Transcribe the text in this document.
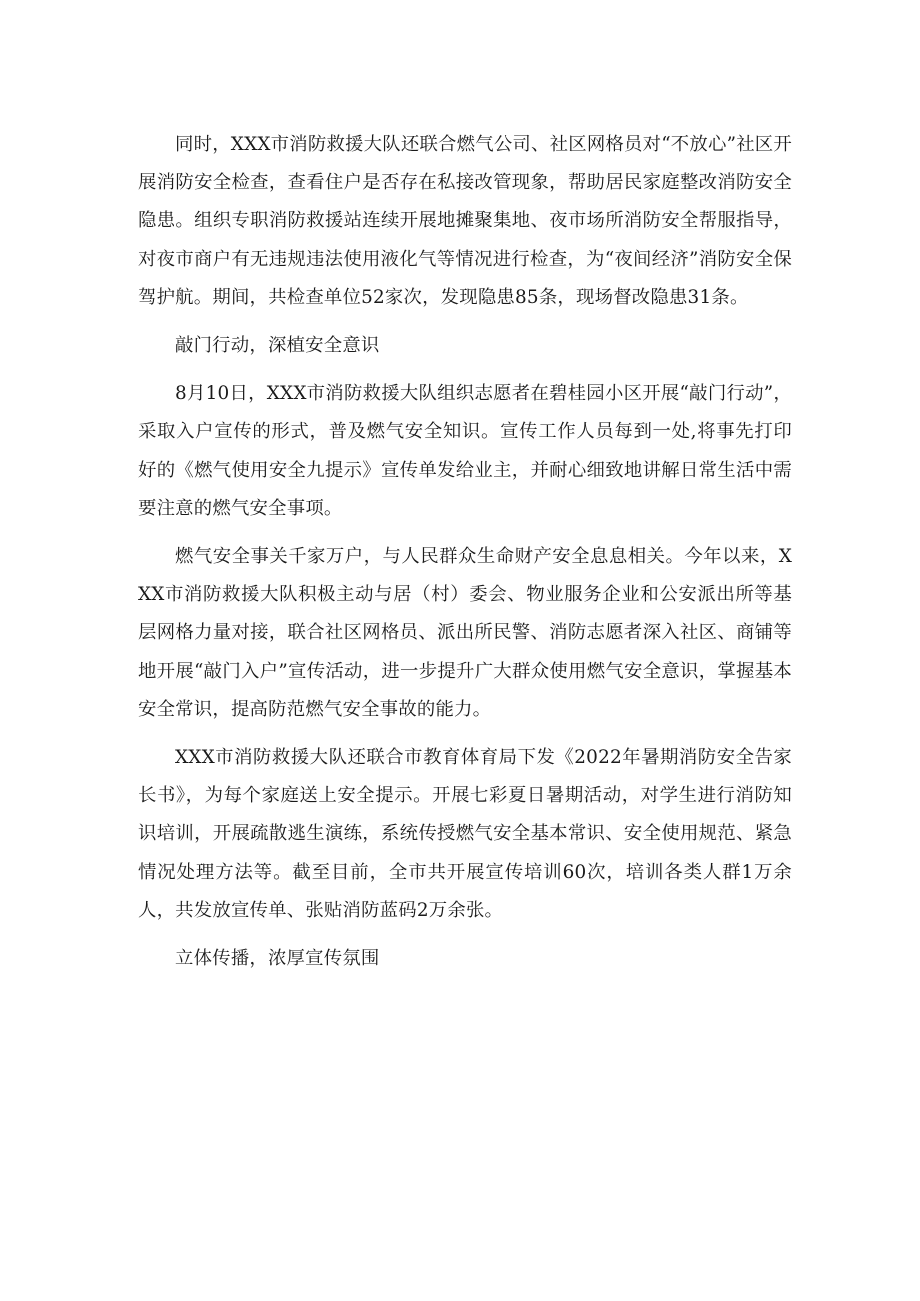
同时，XXX市消防救援大队还联合燃气公司、社区网格员对“不放心”社区开展消防安全检查，查看住户是否存在私接改管现象，帮助居民家庭整改消防安全隐患。组织专职消防救援站连续开展地摊聚集地、夜市场所消防安全帮服指导，对夜市商户有无违规违法使用液化气等情况进行检查，为“夜间经济”消防安全保驾护航。期间，共检查单位52家次，发现隐患85条，现场督改隐患31条。

敲门行动，深植安全意识

8月10日，XXX市消防救援大队组织志愿者在碧桂园小区开展“敲门行动”，采取入户宣传的形式，普及燃气安全知识。宣传工作人员每到一处,将事先打印好的《燃气使用安全九提示》宣传单发给业主，并耐心细致地讲解日常生活中需要注意的燃气安全事项。

燃气安全事关千家万户，与人民群众生命财产安全息息相关。今年以来，XXX市消防救援大队积极主动与居（村）委会、物业服务企业和公安派出所等基层网格力量对接，联合社区网格员、派出所民警、消防志愿者深入社区、商铺等地开展“敲门入户”宣传活动，进一步提升广大群众使用燃气安全意识，掌握基本安全常识，提高防范燃气安全事故的能力。

XXX市消防救援大队还联合市教育体育局下发《2022年暑期消防安全告家长书》，为每个家庭送上安全提示。开展七彩夏日暑期活动，对学生进行消防知识培训，开展疏散逃生演练，系统传授燃气安全基本常识、安全使用规范、紧急情况处理方法等。截至目前，全市共开展宣传培训60次，培训各类人群1万余人，共发放宣传单、张贴消防蓝码2万余张。

立体传播，浓厚宣传氛围
